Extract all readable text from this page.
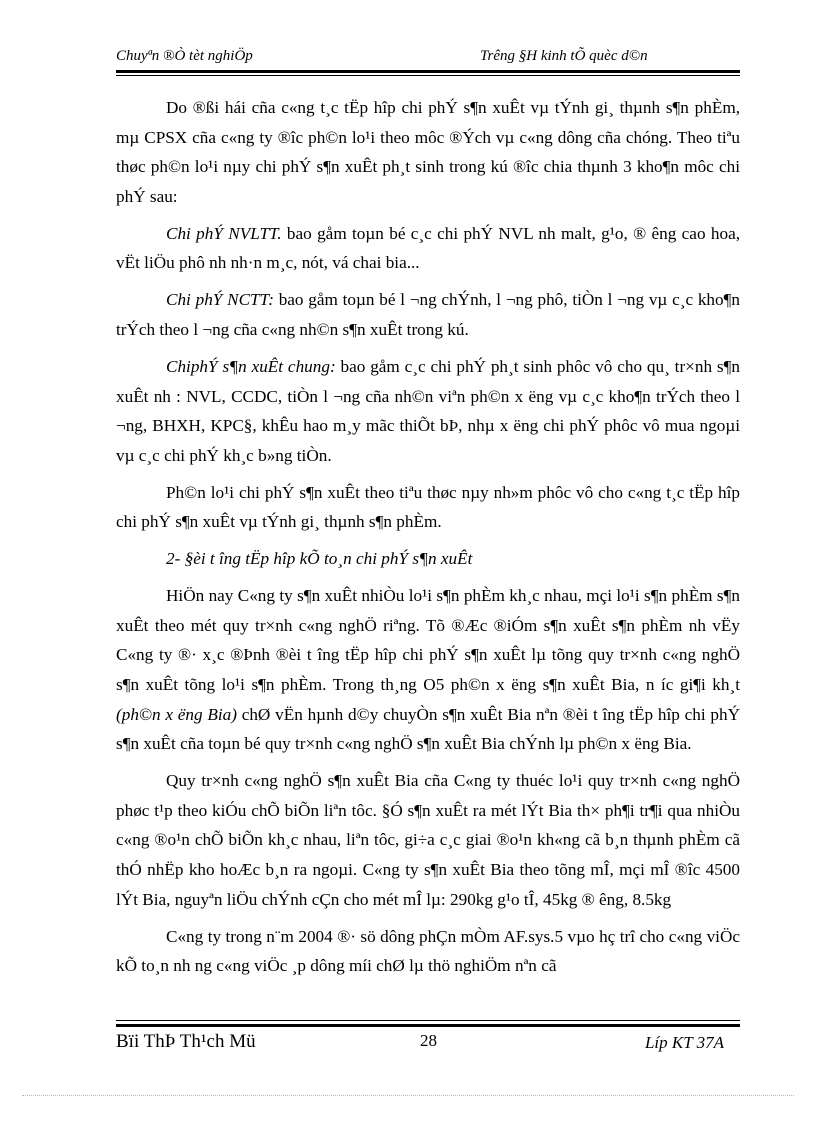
Chuyªn ®Ò tèt nghiÖp	Trêng §H kinh tÕ quèc d©n

Do ®ßi hái cña c«ng t¸c tËp hîp chi phÝ s¶n xuÊt vµ tÝnh gi¸ thµnh s¶n phÈm, mµ CPSX cña c«ng ty ®îc ph©n lo¹i theo môc ®Ých vµ c«ng dông cña chóng. Theo tiªu thøc ph©n lo¹i nµy chi phÝ s¶n xuÊt ph¸t sinh trong kú ®îc chia thµnh 3 kho¶n môc chi phÝ sau:

Chi phÝ NVLTT. bao gåm toµn bé c¸c chi phÝ NVL nh malt, g¹o, ® êng cao hoa, vËt liÖu phô nh nh·n m¸c, nót, vá chai bia...

Chi phÝ NCTT: bao gåm toµn bé l ¬ng chÝnh, l ¬ng phô, tiÒn l ¬ng vµ c¸c kho¶n trÝch theo l ¬ng cña c«ng nh©n s¶n xuÊt trong kú.

ChiphÝ s¶n xuÊt chung: bao gåm c¸c chi phÝ ph¸t sinh phôc vô cho qu¸ tr×nh s¶n xuÊt nh : NVL, CCDC, tiÒn l ¬ng cña nh©n viªn ph©n x ëng vµ c¸c kho¶n trÝch theo l ¬ng, BHXH, KPC§, khÊu hao m¸y mãc thiÕt bÞ, nhµ x ëng chi phÝ phôc vô mua ngoµi vµ c¸c chi phÝ kh¸c b»ng tiÒn.

Ph©n lo¹i chi phÝ s¶n xuÊt theo tiªu thøc nµy nh»m phôc vô cho c«ng t¸c tËp hîp chi phÝ s¶n xuÊt vµ tÝnh gi¸ thµnh s¶n phÈm.

2- §èi t îng tËp hîp kÕ to¸n chi phÝ s¶n xuÊt

HiÖn nay C«ng ty s¶n xuÊt nhiÒu lo¹i s¶n phÈm kh¸c nhau, mçi lo¹i s¶n phÈm s¶n xuÊt theo mét quy tr×nh c«ng nghÖ riªng. Tõ ®Æc ®iÓm s¶n xuÊt s¶n phÈm nh vËy C«ng ty ®· x¸c ®Þnh ®èi t îng tËp hîp chi phÝ s¶n xuÊt lµ tõng quy tr×nh c«ng nghÖ s¶n xuÊt tõng lo¹i s¶n phÈm. Trong th¸ng O5 ph©n x ëng s¶n xuÊt Bia, n íc gi¶i kh¸t (ph©n x ëng Bia) chØ vËn hµnh d©y chuyÒn s¶n xuÊt Bia nªn ®èi t îng tËp hîp chi phÝ s¶n xuÊt cña toµn bé quy tr×nh c«ng nghÖ s¶n xuÊt Bia chÝnh lµ ph©n x ëng Bia.

Quy tr×nh c«ng nghÖ s¶n xuÊt Bia cña C«ng ty thuéc lo¹i quy tr×nh c«ng nghÖ phøc t¹p theo kiÓu chÕ biÕn liªn tôc. §Ó s¶n xuÊt ra mét lÝt Bia th× ph¶i tr¶i qua nhiÒu c«ng ®o¹n chÕ biÕn kh¸c nhau, liªn tôc, gi÷a c¸c giai ®o¹n kh«ng cã b¸n thµnh phÈm cã thÓ nhËp kho hoÆc b¸n ra ngoµi. C«ng ty s¶n xuÊt Bia theo tõng mÎ, mçi mÎ ®îc 4500 lÝt Bia, nguyªn liÖu chÝnh cÇn cho mét mÎ lµ: 290kg g¹o tÎ, 45kg ® êng, 8.5kg

C«ng ty trong n¨m 2004 ®· sö dông phÇn mÒm AF.sys.5 vµo hç trî cho c«ng viÖc kÕ to¸n nh ng c«ng viÖc ¸p dông míi chØ lµ thö nghiÖm nªn cã

Bïi ThÞ Th¹ch Mü	28	Líp KT 37A
